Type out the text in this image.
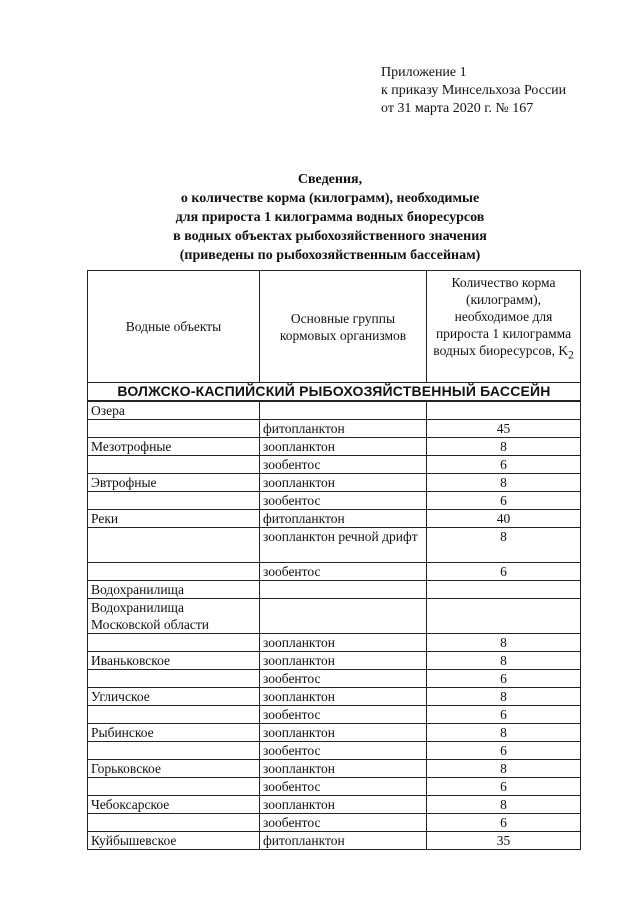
Приложение 1
к приказу Минсельхоза России
от 31 марта 2020 г. № 167
Сведения,
о количестве корма (килограмм), необходимые
для прироста 1 килограмма водных биоресурсов
в водных объектах рыбохозяйственного значения
(приведены по рыбохозяйственным бассейнам)
Водные объекты	Основные группы кормовых организмов	Количество корма (килограмм), необходимое для прироста 1 килограмма водных биоресурсов, $K_2$
ВОЛЖСКО-КАСПИЙСКИЙ РЫБОХОЗЯЙСТВЕННЫЙ БАССЕЙН		
Озера		
	фитопланктон	45
Мезотрофные	зоопланктон	8
	зообентос	6
Эвтрофные	зоопланктон	8
	зообентос	6
Реки	фитопланктон	40
	зоопланктон речной дрифт	8
	зообентос	6
Водохранилища		
Водохранилища Московской области		
	зоопланктон	8
Иваньковское	зоопланктон	8
	зообентос	6
Угличское	зоопланктон	8
	зообентос	6
Рыбинское	зоопланктон	8
	зообентос	6
Горьковское	зоопланктон	8
	зообентос	6
Чебоксарское	зоопланктон	8
	зообентос	6
Куйбышевское	фитопланктон	35
